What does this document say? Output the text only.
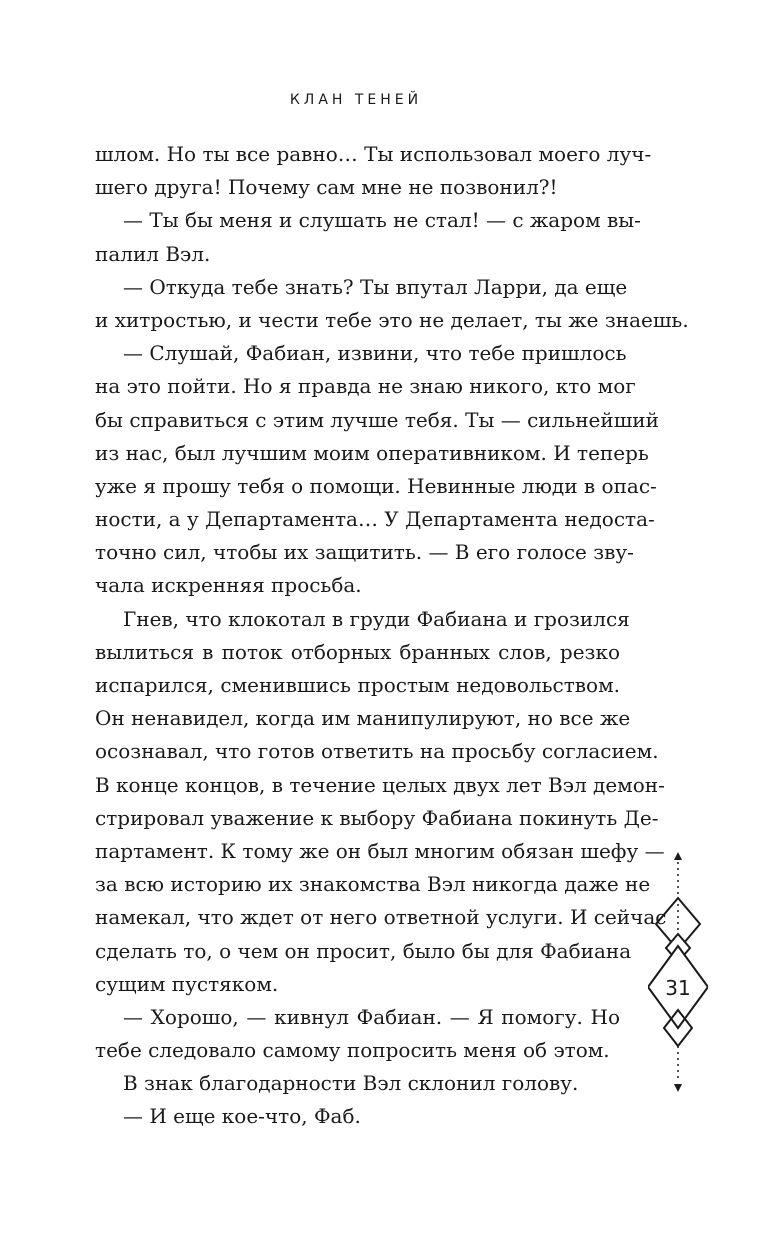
КЛАН ТЕНЕЙ
шлом. Но ты все равно… Ты использовал моего луч-
шего друга! Почему сам мне не позвонил?!
— Ты бы меня и слушать не стал! — с жаром вы-
палил Вэл.
— Откуда тебе знать? Ты впутал Ларри, да еще
и хитростью, и чести тебе это не делает, ты же знаешь.
— Слушай, Фабиан, извини, что тебе пришлось
на это пойти. Но я правда не знаю никого, кто мог
бы справиться с этим лучше тебя. Ты — сильнейший
из нас, был лучшим моим оперативником. И теперь
уже я прошу тебя о помощи. Невинные люди в опас-
ности, а у Департамента… У Департамента недоста-
точно сил, чтобы их защитить. — В его голосе зву-
чала искренняя просьба.
Гнев, что клокотал в груди Фабиана и грозился
вылиться в поток отборных бранных слов, резко
испарился, сменившись простым недовольством.
Он ненавидел, когда им манипулируют, но все же
осознавал, что готов ответить на просьбу согласием.
В конце концов, в течение целых двух лет Вэл демон-
стрировал уважение к выбору Фабиана покинуть Де-
партамент. К тому же он был многим обязан шефу —
за всю историю их знакомства Вэл никогда даже не
намекал, что ждет от него ответной услуги. И сейчас
сделать то, о чем он просит, было бы для Фабиана
сущим пустяком.
— Хорошо, — кивнул Фабиан. — Я помогу. Но
тебе следовало самому попросить меня об этом.
В знак благодарности Вэл склонил голову.
— И еще кое-что, Фаб.
31
